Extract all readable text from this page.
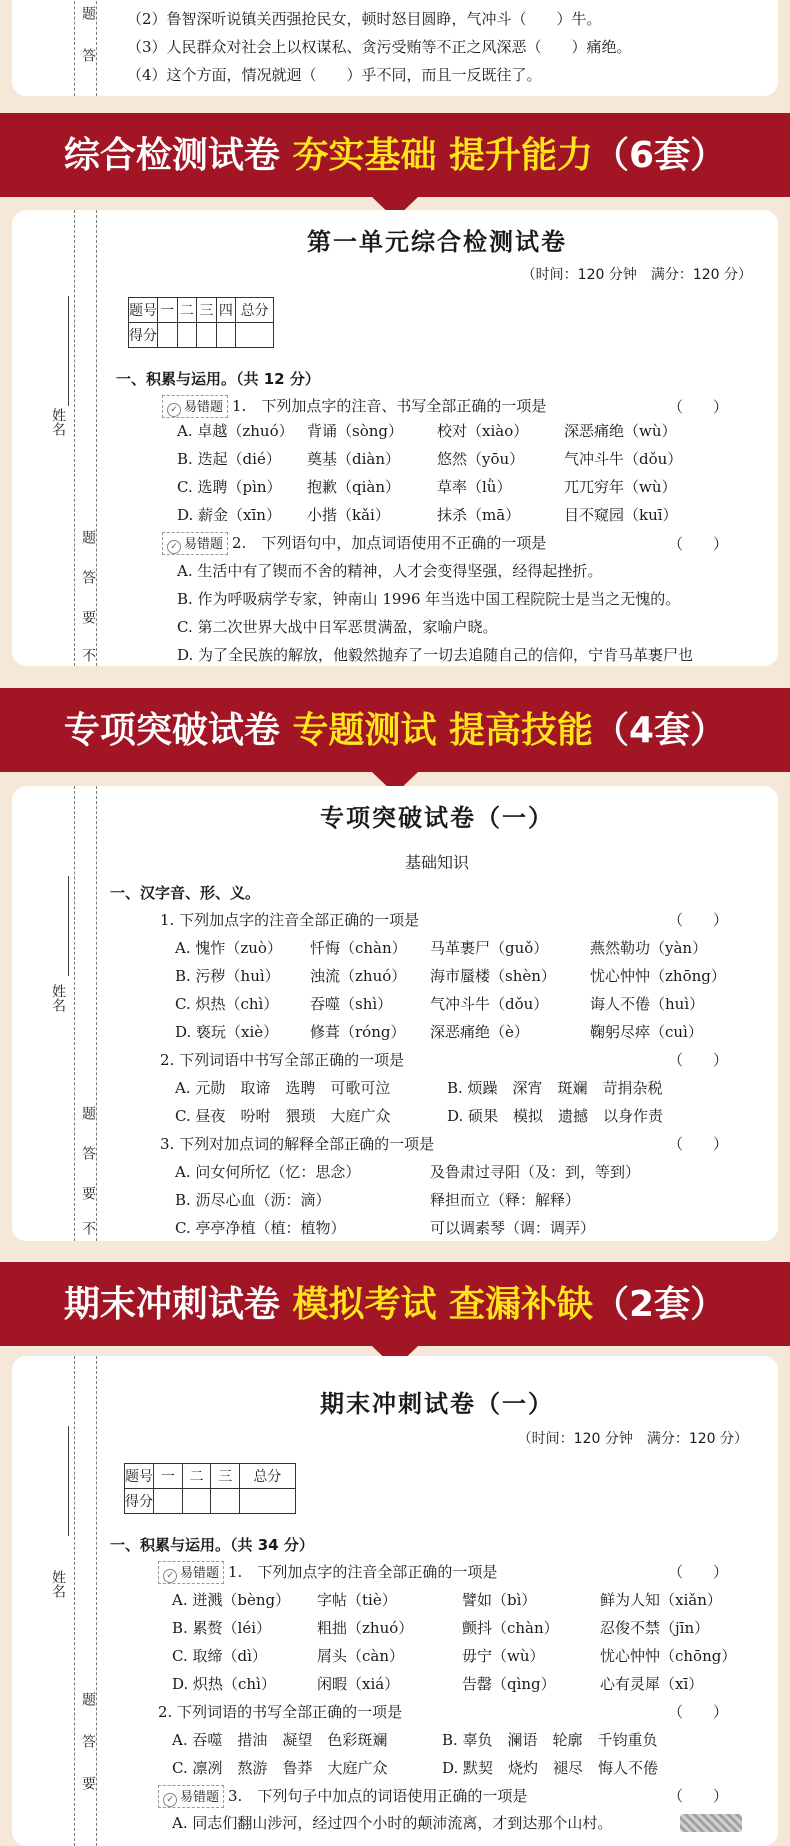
题
答
（2）鲁智深听说镇关西强抢民女，顿时怒目圆睁，气冲斗（　　）牛。
（3）人民群众对社会上以权谋私、贪污受贿等不正之风深恶（　　）痛绝。
（4）这个方面，情况就迥（　　）乎不同，而且一反既往了。
综合检测试卷 夯实基础 提升能力（6套）
姓名
题
答
要
不
第一单元综合检测试卷
（时间：120 分钟　满分：120 分）
题号	一	二	三	四	总分
得分					
一、积累与运用。（共 12 分）
✓ 易错题 1.　下列加点字的注音、书写全部正确的一项是	（　　）
A. 卓越（zhuó） 背诵（sòng） 校对（xiào） 深恶痛绝（wù）
B. 迭起（dié） 奠基（diàn） 悠然（yōu）	气冲斗牛（dǒu）
C. 选聘（pìn） 抱歉（qiàn） 草率（lǜ）	兀兀穷年（wù）
D. 薪金（xīn） 小揩（kǎi）	抹杀（mā）	目不窥园（kuī）
✓ 易错题 2.　下列语句中，加点词语使用不正确的一项是	（　　）
A. 生活中有了锲而不舍的精神，人才会变得坚强，经得起挫折。
B. 作为呼吸病学专家，钟南山 1996 年当选中国工程院院士是当之无愧的。
C. 第二次世界大战中日军恶贯满盈，家喻户晓。
D. 为了全民族的解放，他毅然抛弃了一切去追随自己的信仰，宁肯马革裹尸也
专项突破试卷 专题测试 提高技能（4套）
姓名
题
答
要
不
专项突破试卷（一）
基础知识
一、汉字音、形、义。
1. 下列加点字的注音全部正确的一项是	（　　）
A. 愧怍（zuò） 忏悔（chàn） 马革裹尸（guǒ）	燕然勒功（yàn）
B. 污秽（huì） 浊流（zhuó） 海市蜃楼（shèn） 忧心忡忡（zhōng）
C. 炽热（chì） 吞噬（shì）	气冲斗牛（dǒu）	诲人不倦（huì）
D. 亵玩（xiè） 修葺（róng） 深恶痛绝（è）	鞠躬尽瘁（cuì）
2. 下列词语中书写全部正确的一项是	（　　）
A. 元勋　取谛　选聘　可歌可泣	B. 烦躁　深宵　斑斓　苛捐杂税
C. 昼夜　吩咐　猥琐　大庭广众	D. 硕果　模拟　遗撼　以身作责
3. 下列对加点词的解释全部正确的一项是	（　　）
A. 问女何所忆（忆：思念）	及鲁肃过寻阳（及：到，等到）
B. 沥尽心血（沥：滴）	释担而立（释：解释）
C. 亭亭净植（植：植物）	可以调素琴（调：调弄）
期末冲刺试卷 模拟考试 查漏补缺（2套）
姓名
题
答
要
期末冲刺试卷（一）
（时间：120 分钟　满分：120 分）
题号	一	二	三	总分
得分				
一、积累与运用。（共 34 分）
✓ 易错题 1.　下列加点字的注音全部正确的一项是	（　　）
A. 迸溅（bèng） 字帖（tiè）	譬如（bì）	鲜为人知（xiǎn）
B. 累赘（léi）	粗拙（zhuó）	颤抖（chàn）	忍俊不禁（jīn）
C. 取缔（dì）	屑头（càn）	毋宁（wù）	忧心忡忡（chōng）
D. 炽热（chì）	闲暇（xiá）	告罄（qìng）	心有灵犀（xī）
2. 下列词语的书写全部正确的一项是	（　　）
A. 吞噬　措油　凝望　色彩斑斓	B. 辜负　澜语　轮廓　千钧重负
C. 凛冽　熬游　鲁莽　大庭广众	D. 默契　烧灼　褪尽　悔人不倦
✓ 易错题 3.　下列句子中加点的词语使用正确的一项是	（　　）
A. 同志们翻山涉河，经过四个小时的颠沛流离，才到达那个山村。
